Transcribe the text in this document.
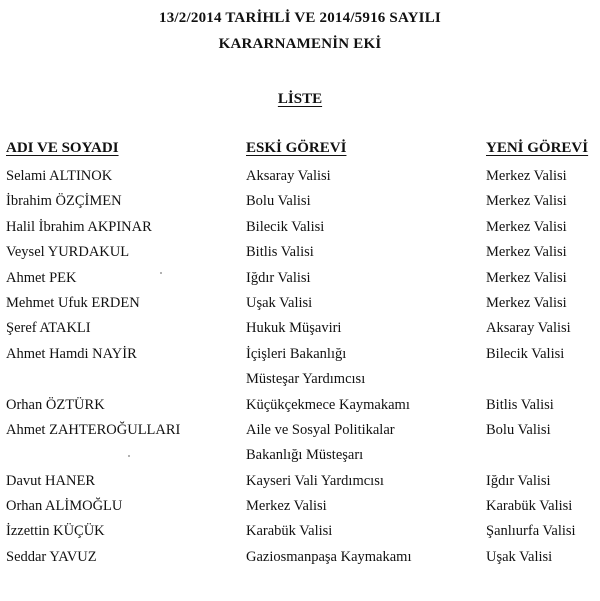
13/2/2014 TARİHLİ VE 2014/5916 SAYILI
KARARNAMENİN EKİ
LİSTE
ADI VE SOYADI	ESKİ GÖREVİ	YENİ GÖREVİ
Selami ALTINOK	Aksaray Valisi	Merkez Valisi
İbrahim ÖZÇİMEN	Bolu Valisi	Merkez Valisi
Halil İbrahim AKPINAR	Bilecik Valisi	Merkez Valisi
Veysel YURDAKUL	Bitlis Valisi	Merkez Valisi
Ahmet PEK	Iğdır Valisi	Merkez Valisi
Mehmet Ufuk ERDEN	Uşak Valisi	Merkez Valisi
Şeref ATAKLI	Hukuk Müşaviri	Aksaray Valisi
Ahmet Hamdi NAYİR	İçişleri Bakanlığı	Bilecik Valisi
Müsteşar Yardımcısı
Orhan ÖZTÜRK	Küçükçekmece Kaymakamı	Bitlis Valisi
Ahmet ZAHTEROĞULLARI	Aile ve Sosyal Politikalar	Bolu Valisi
Bakanlığı Müsteşarı
Davut HANER	Kayseri Vali Yardımcısı	Iğdır Valisi
Orhan ALİMOĞLU	Merkez Valisi	Karabük Valisi
İzzettin KÜÇÜK	Karabük Valisi	Şanlıurfa Valisi
Seddar YAVUZ	Gaziosmanpaşa Kaymakamı	Uşak Valisi
